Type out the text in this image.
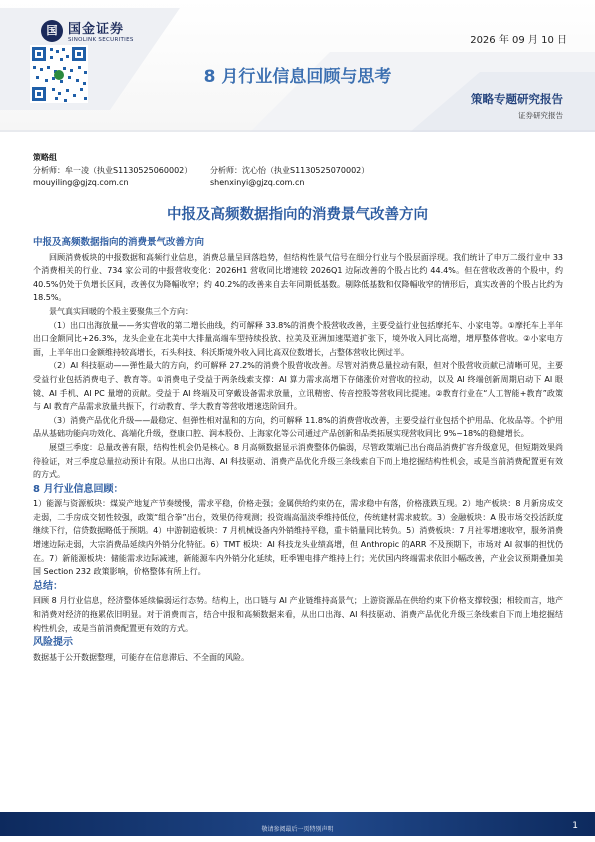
国 国金证券
SINOLINK SECURITIES	2026 年 09 月 10 日
8 月行业信息回顾与思考
策略专题研究报告
证券研究报告
策略组
分析师：牟一凌（执业S1130525060002）
mouyiling@gjzq.com.cn
分析师：沈心怡（执业S1130525070002）
shenxinyi@gjzq.com.cn
中报及高频数据指向的消费景气改善方向
中报及高频数据指向的消费景气改善方向

回顾消费板块的中报数据和高频行业信息，消费总量呈回落趋势，但结构性景气信号在细分行业与个股层面浮现。我们统计了申万二级行业中 33 个消费相关的行业、734 家公司的中报营收变化：2026H1 营收同比增速较 2026Q1 边际改善的个股占比约 44.4%。但在营收改善的个股中，约 40.5%仍处于负增长区间，改善仅为降幅收窄；约 40.2%的改善来自去年同期低基数。剔除低基数和仅降幅收窄的情形后，真实改善的个股占比约为 18.5%。

景气真实回暖的个股主要聚焦三个方向：

（1）出口出海放量——务实营收的第二增长曲线，约可解释 33.8%的消费个股营收改善，主要受益行业包括摩托车、小家电等。①摩托车上半年出口金额同比+26.3%，龙头企业在北美中大排量高端车型持续投放、拉美及亚洲加速渠道扩张下，境外收入同比高增，增厚整体营收。②小家电方面，上半年出口金额维持较高增长，石头科技、科沃斯境外收入同比高双位数增长，占整体营收比例过半。

（2）AI 科技驱动——弹性最大的方向，约可解释 27.2%的消费个股营收改善。尽管对消费总量拉动有限，但对个股营收贡献已清晰可见，主要受益行业包括消费电子、教育等。①消费电子受益于两条线索支撑：AI 算力需求高增下存储涨价对营收的拉动，以及 AI 终端创新周期启动下 AI 眼镜、AI 手机、AI PC 量增的贡献。受益于 AI 终端及可穿戴设备需求放量，立讯精密、传音控股等营收同比提速。②教育行业在“人工智能+教育”政策与 AI 教育产品需求放量共振下，行动教育、学大教育等营收增速迭阶回升。

（3）消费产品优化升级——最稳定、但弹性相对温和的方向，约可解释 11.8%的消费营收改善，主要受益行业包括个护用品、化妆品等。个护用品从基础功能向功效化、高端化升级，登康口腔、润本股份、上海家化等公司通过产品创新和品类拓展实现营收同比 9%~18%的稳健增长。

展望三季度：总量改善有限，结构性机会仍是核心。8 月高频数据显示消费整体仍偏弱，尽管政策端已出台商品消费扩容升级意见，但短期效果尚待验证，对三季度总量拉动预计有限。从出口出海、AI 科技驱动、消费产品优化升级三条线索自下而上地挖掘结构性机会，或是当前消费配置更有效的方式。

8 月行业信息回顾：

1）能源与资源板块：煤炭产地复产节奏缓慢，需求平稳，价格走强；金属供给约束仍在，需求稳中有落，价格涨跌互现。2）地产板块：8 月新房成交走弱，二手房成交韧性较强，政策“组合拳”出台，效果仍待观测；投资端高温淡季维持低位，传统建材需求疲软。3）金融板块：A 股市场交投活跃度继续下行，信贷数据略低于预期。4）中游制造板块：7 月机械设备内外销维持平稳，重卡销量同比转负。5）消费板块：7 月社零增速收窄，服务消费增速边际走弱，大宗消费品延续内外销分化特征。6）TMT 板块：AI 科技龙头业绩高增，但 Anthropic 的ARR 不及预期下，市场对 AI 叙事的担忧仍在。7）新能源板块：储能需求边际减速，新能源车内外销分化延续，旺季锂电排产维持上行；光伏国内终端需求依旧小幅改善，产业会议预期叠加美国 Section 232 政策影响，价格整体有所上行。

总结：

回顾 8 月行业信息，经济整体延续偏弱运行态势。结构上，出口链与 AI 产业链维持高景气；上游资源品在供给约束下价格支撑较强；相较而言，地产和消费对经济的拖累依旧明显。对于消费而言，结合中报和高频数据来看，从出口出海、AI 科技驱动、消费产品优化升级三条线索自下而上地挖掘结构性机会，或是当前消费配置更有效的方式。

风险提示

数据基于公开数据整理，可能存在信息滞后、不全面的风险。

敬请参阅最后一页特别声明	1
